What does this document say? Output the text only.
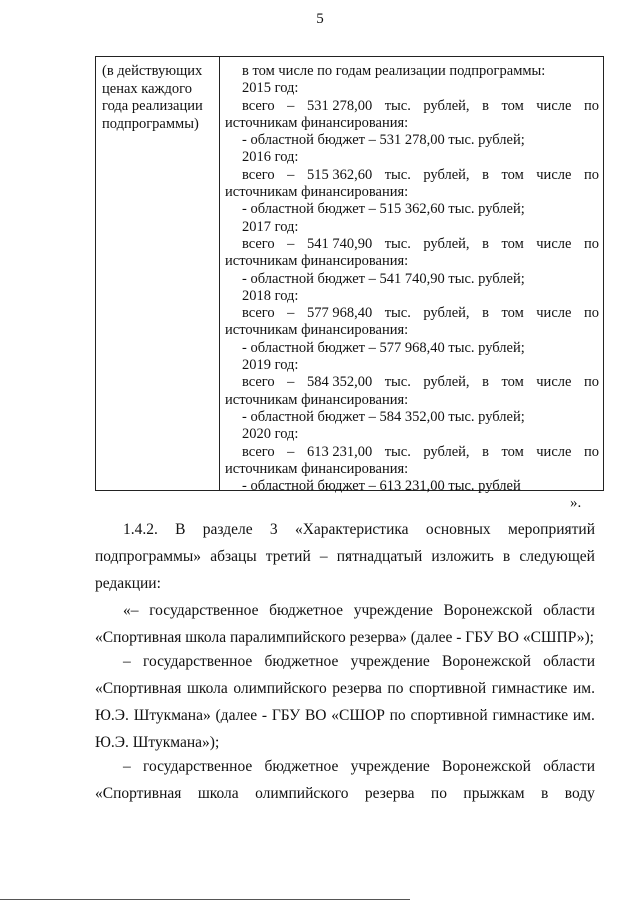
5
(в действующих
ценах каждого
года реализации
подпрограммы)
в том числе по годам реализации подпрограммы:
2015 год:
всего – 531 278,00 тыс. рублей, в том числе по
источникам финансирования:
- областной бюджет – 531 278,00 тыс. рублей;
2016 год:
всего – 515 362,60 тыс. рублей, в том числе по
источникам финансирования:
- областной бюджет – 515 362,60 тыс. рублей;
2017 год:
всего – 541 740,90 тыс. рублей, в том числе по
источникам финансирования:
- областной бюджет – 541 740,90 тыс. рублей;
2018 год:
всего – 577 968,40 тыс. рублей, в том числе по
источникам финансирования:
- областной бюджет – 577 968,40 тыс. рублей;
2019 год:
всего – 584 352,00 тыс. рублей, в том числе по
источникам финансирования:
- областной бюджет – 584 352,00 тыс. рублей;
2020 год:
всего – 613 231,00 тыс. рублей, в том числе по
источникам финансирования:
- областной бюджет – 613 231,00 тыс. рублей
».
1.4.2. В разделе 3 «Характеристика основных мероприятий
подпрограммы» абзацы третий – пятнадцатый изложить в следующей
редакции:
«– государственное бюджетное учреждение Воронежской области
«Спортивная школа паралимпийского резерва» (далее - ГБУ ВО «СШПР»);
– государственное бюджетное учреждение Воронежской области
«Спортивная школа олимпийского резерва по спортивной гимнастике им.
Ю.Э. Штукмана» (далее - ГБУ ВО «СШОР по спортивной гимнастике им.
Ю.Э. Штукмана»);
– государственное бюджетное учреждение Воронежской области
«Спортивная школа олимпийского резерва по прыжкам в воду
